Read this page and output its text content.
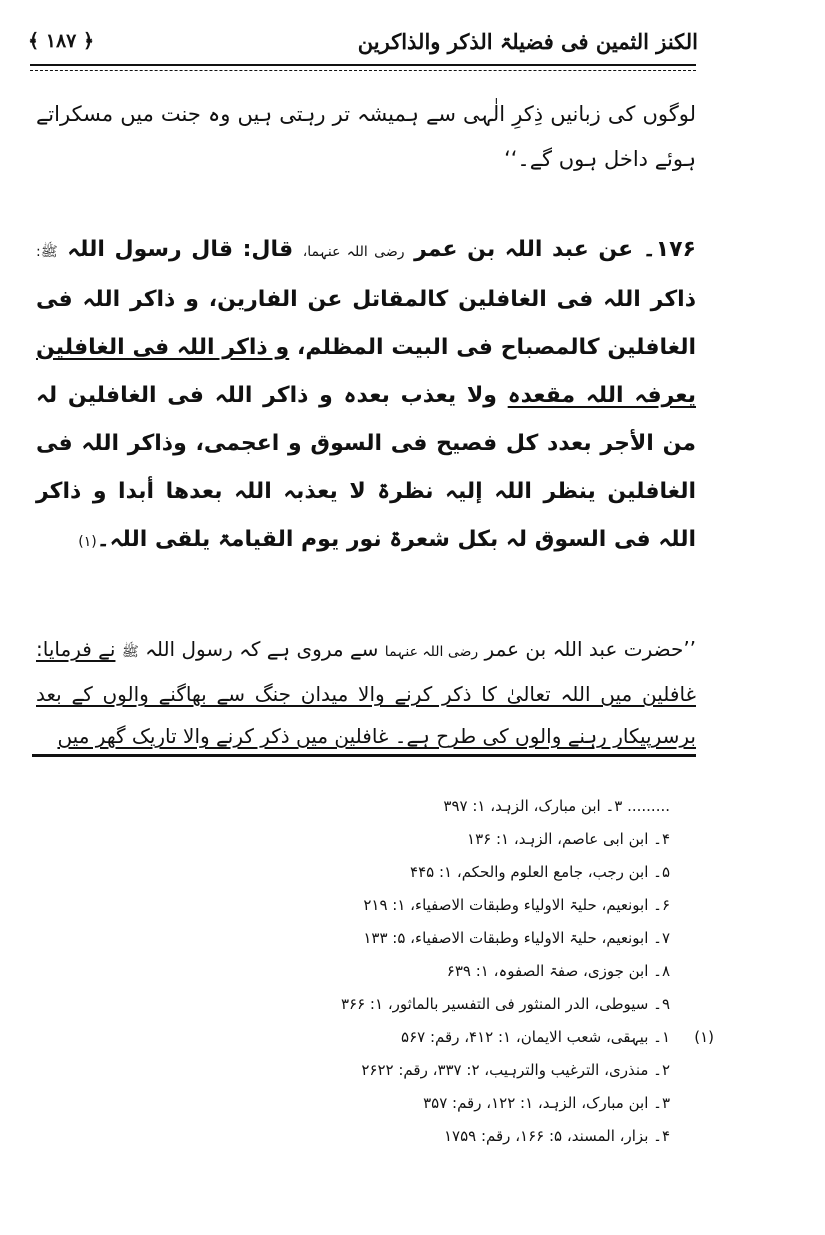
الکنز الثمین فی فضیلۃ الذکر والذاکرین
﴿ ۱۸۷ ﴾

لوگوں کی زبانیں ذِکرِ الٰہی سے ہمیشہ تر رہتی ہیں وہ جنت میں مسکراتے ہوئے داخل ہوں گے۔‘‘

۱۷۶۔ عن عبد اللہ بن عمر رضی اللہ عنہما، قال: قال رسول اللہ ﷺ: ذاکر اللہ فی الغافلین کالمقاتل عن الفارین، و ذاکر اللہ فی الغافلین کالمصباح فی البیت المظلم، و ذاکر اللہ فی الغافلین یعرفہ اللہ مقعدہ ولا یعذب بعدہ و ذاکر اللہ فی الغافلین لہ من الأجر بعدد کل فصیح فی السوق و اعجمی، وذاکر اللہ فی الغافلین ینظر اللہ إلیہ نظرۃ لا یعذبہ اللہ بعدھا أبدا و ذاکر اللہ فی السوق لہ بکل شعرۃ نور یوم القیامۃ یلقی اللہ۔(۱)

’’حضرت عبد اللہ بن عمر رضی اللہ عنہما سے مروی ہے کہ رسول اللہ ﷺ نے فرمایا: غافلین میں اللہ تعالیٰ کا ذکر کرنے والا میدان جنگ سے بھاگنے والوں کے بعد برسرپیکار رہنے والوں کی طرح ہے۔ غافلین میں ذکر کرنے والا تاریک گھر میں

......... ۳۔ ابن مبارک، الزہد، ۱: ۳۹۷
۴۔ ابن ابی عاصم، الزہد، ۱: ۱۳۶
۵۔ ابن رجب، جامع العلوم والحکم، ۱: ۴۴۵
۶۔ ابونعیم، حلیۃ الاولیاء وطبقات الاصفیاء، ۱: ۲۱۹
۷۔ ابونعیم، حلیۃ الاولیاء وطبقات الاصفیاء، ۵: ۱۳۳
۸۔ ابن جوزی، صفۃ الصفوہ، ۱: ۶۳۹
۹۔ سیوطی، الدر المنثور فی التفسیر بالماثور، ۱: ۳۶۶
(۱)
۱۔ بیہقی، شعب الایمان، ۱: ۴۱۲، رقم: ۵۶۷
۲۔ منذری، الترغیب والترہیب، ۲: ۳۳۷، رقم: ۲۶۲۲
۳۔ ابن مبارک، الزہد، ۱: ۱۲۲، رقم: ۳۵۷
۴۔ بزار، المسند، ۵: ۱۶۶، رقم: ۱۷۵۹
